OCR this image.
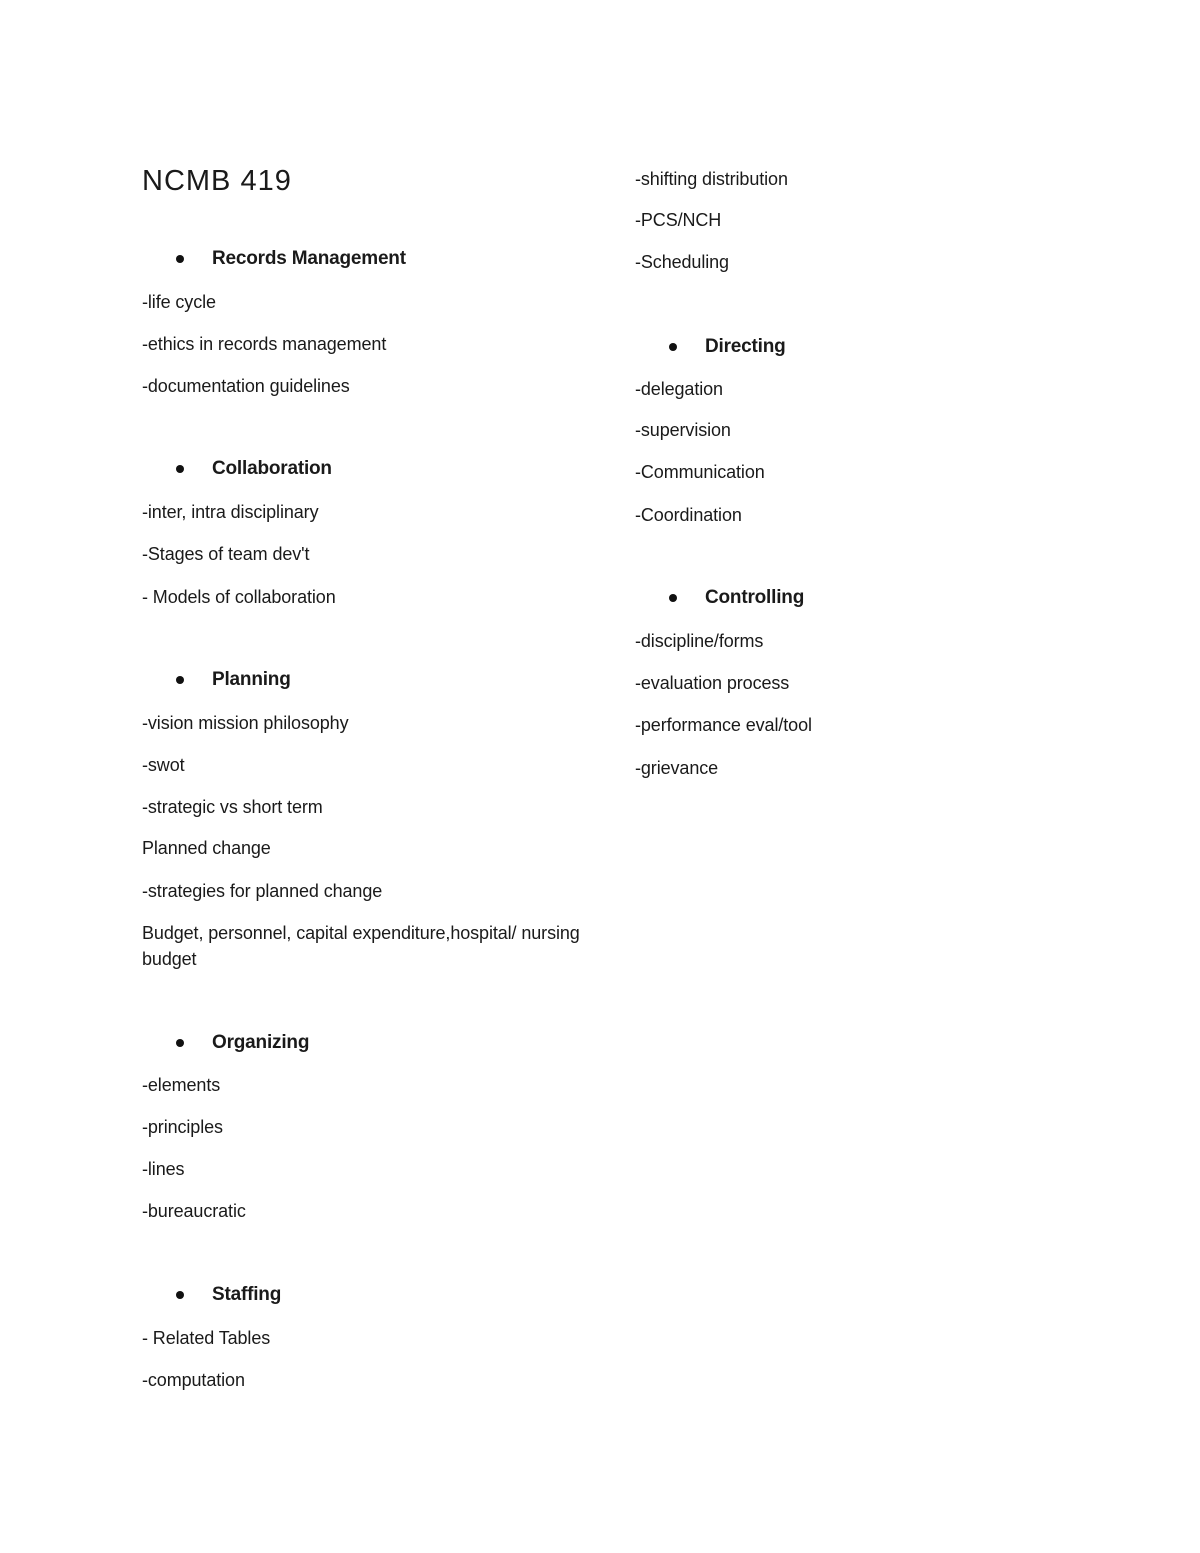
NCMB 419
Records Management
-life cycle
-ethics in records management
-documentation guidelines
Collaboration
-inter, intra disciplinary
-Stages of team dev't
- Models of collaboration
Planning
-vision mission philosophy
-swot
-strategic vs short term
Planned change
-strategies for planned change
Budget, personnel, capital expenditure,hospital/ nursing budget
Organizing
-elements
-principles
-lines
-bureaucratic
Staffing
- Related Tables
-computation
-shifting distribution
-PCS/NCH
-Scheduling
Directing
-delegation
-supervision
-Communication
-Coordination
Controlling
-discipline/forms
-evaluation process
-performance eval/tool
-grievance
